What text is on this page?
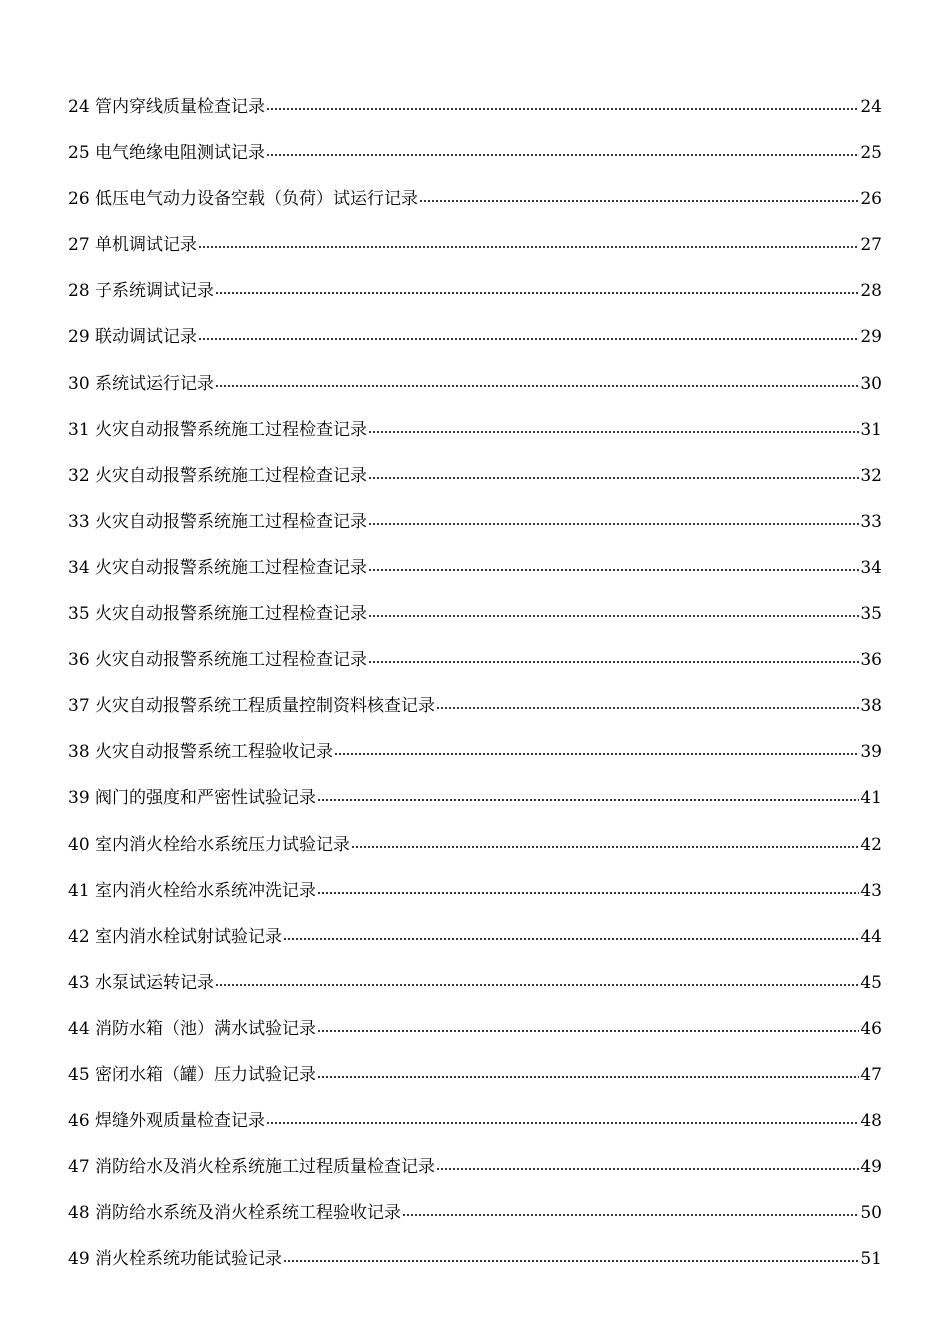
24 管内穿线质量检查记录	24
25 电气绝缘电阻测试记录	25
26 低压电气动力设备空载（负荷）试运行记录	26
27 单机调试记录	27
28 子系统调试记录	28
29 联动调试记录	29
30 系统试运行记录	30
31 火灾自动报警系统施工过程检查记录	31
32 火灾自动报警系统施工过程检查记录	32
33 火灾自动报警系统施工过程检查记录	33
34 火灾自动报警系统施工过程检查记录	34
35 火灾自动报警系统施工过程检查记录	35
36 火灾自动报警系统施工过程检查记录	36
37 火灾自动报警系统工程质量控制资料核查记录	38
38 火灾自动报警系统工程验收记录	39
39 阀门的强度和严密性试验记录	41
40 室内消火栓给水系统压力试验记录	42
41 室内消火栓给水系统冲洗记录	43
42 室内消水栓试射试验记录	44
43 水泵试运转记录	45
44 消防水箱（池）满水试验记录	46
45 密闭水箱（罐）压力试验记录	47
46 焊缝外观质量检查记录	48
47 消防给水及消火栓系统施工过程质量检查记录	49
48 消防给水系统及消火栓系统工程验收记录	50
49 消火栓系统功能试验记录	51
